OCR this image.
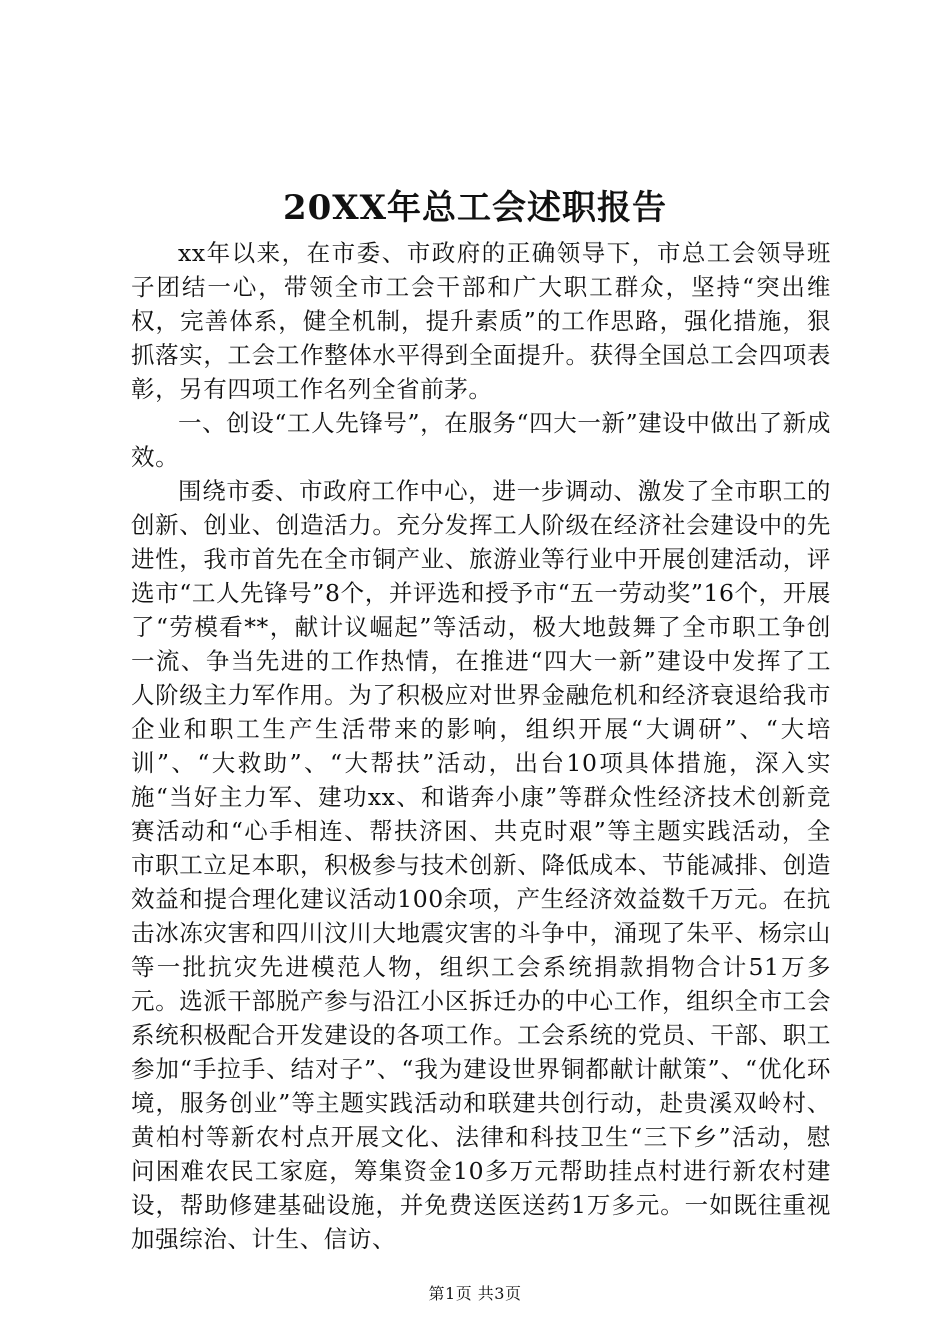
20XX年总工会述职报告

xx年以来，在市委、市政府的正确领导下，市总工会领导班子团结一心，带领全市工会干部和广大职工群众，坚持“突出维权，完善体系，健全机制，提升素质”的工作思路，强化措施，狠抓落实，工会工作整体水平得到全面提升。获得全国总工会四项表彰，另有四项工作名列全省前茅。

一、创设“工人先锋号”，在服务“四大一新”建设中做出了新成效。

围绕市委、市政府工作中心，进一步调动、激发了全市职工的创新、创业、创造活力。充分发挥工人阶级在经济社会建设中的先进性，我市首先在全市铜产业、旅游业等行业中开展创建活动，评选市“工人先锋号”8个，并评选和授予市“五一劳动奖”16个，开展了“劳模看**，献计议崛起”等活动，极大地鼓舞了全市职工争创一流、争当先进的工作热情，在推进“四大一新”建设中发挥了工人阶级主力军作用。为了积极应对世界金融危机和经济衰退给我市企业和职工生产生活带来的影响，组织开展“大调研”、“大培训”、“大救助”、“大帮扶”活动，出台10项具体措施，深入实施“当好主力军、建功xx、和谐奔小康”等群众性经济技术创新竞赛活动和“心手相连、帮扶济困、共克时艰”等主题实践活动，全市职工立足本职，积极参与技术创新、降低成本、节能减排、创造效益和提合理化建议活动100余项，产生经济效益数千万元。在抗击冰冻灾害和四川汶川大地震灾害的斗争中，涌现了朱平、杨宗山等一批抗灾先进模范人物，组织工会系统捐款捐物合计51万多元。选派干部脱产参与沿江小区拆迁办的中心工作，组织全市工会系统积极配合开发建设的各项工作。工会系统的党员、干部、职工参加“手拉手、结对子”、“我为建设世界铜都献计献策”、“优化环境，服务创业”等主题实践活动和联建共创行动，赴贵溪双岭村、黄柏村等新农村点开展文化、法律和科技卫生“三下乡”活动，慰问困难农民工家庭，筹集资金10多万元帮助挂点村进行新农村建设，帮助修建基础设施，并免费送医送药1万多元。一如既往重视加强综治、计生、信访、

第1页 共3页
